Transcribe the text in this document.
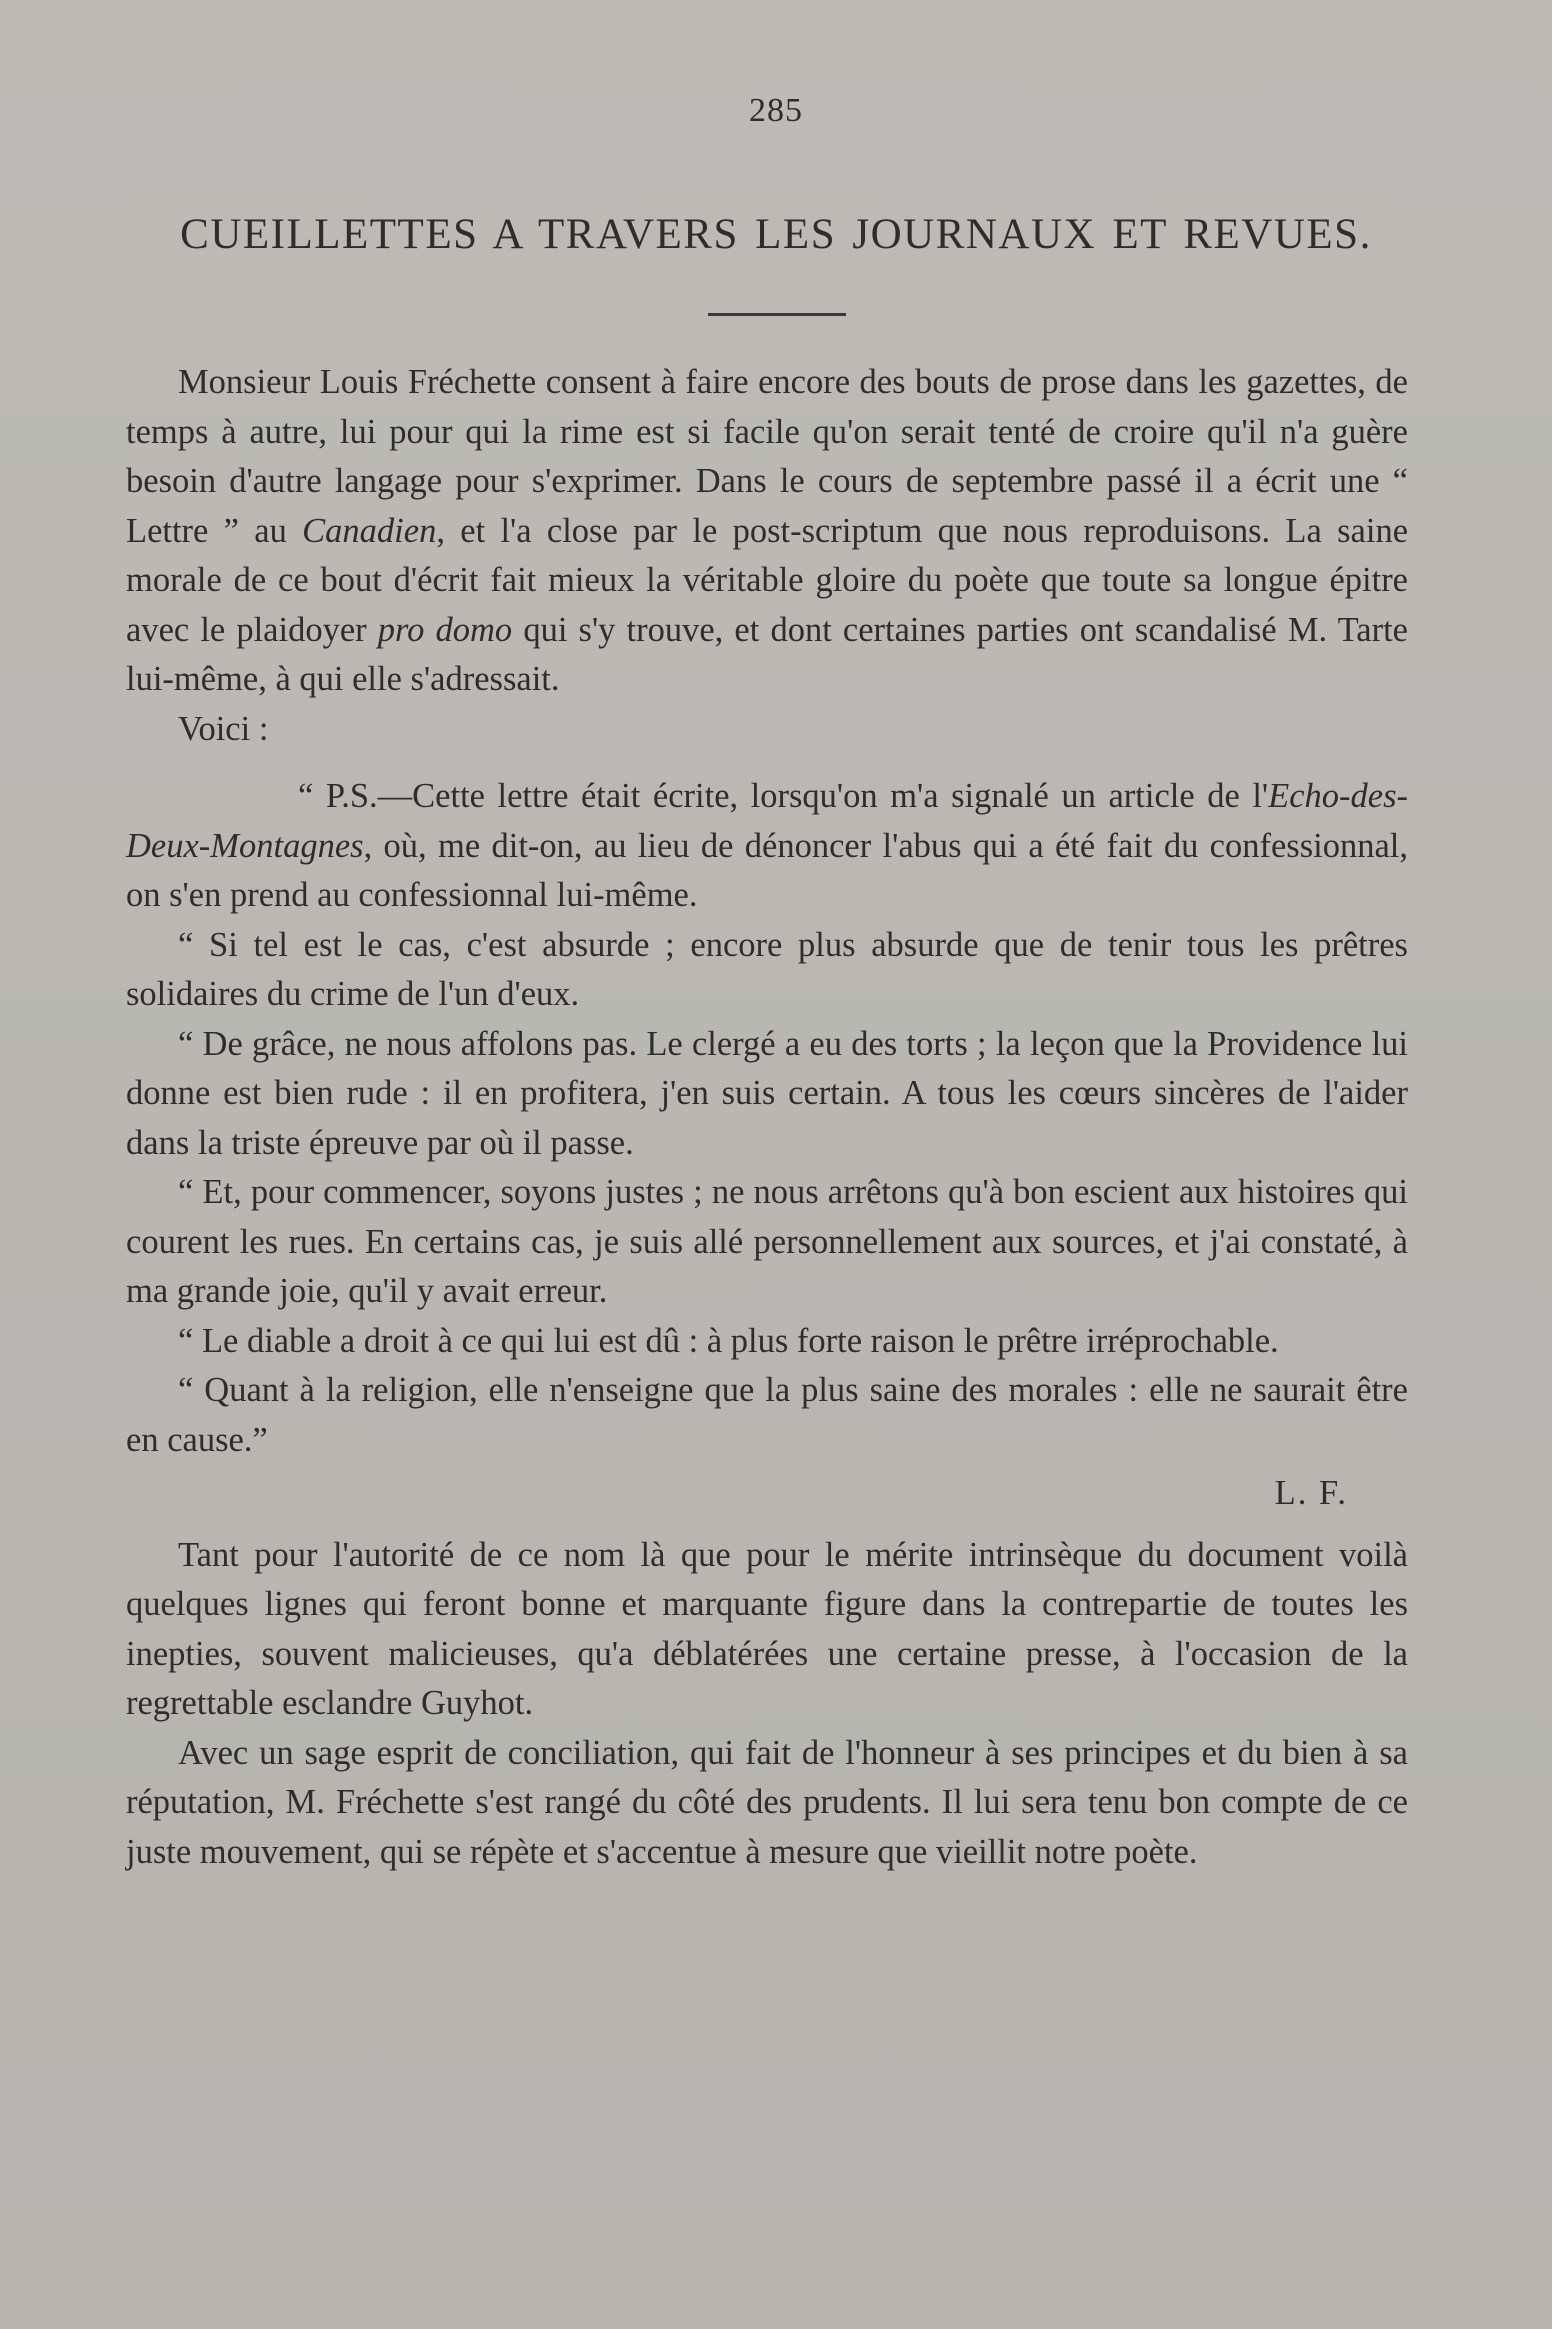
285
CUEILLETTES A TRAVERS LES JOURNAUX ET REVUES.

Monsieur Louis Fréchette consent à faire encore des bouts de prose dans les gazettes, de temps à autre, lui pour qui la rime est si facile qu'on serait tenté de croire qu'il n'a guère besoin d'autre langage pour s'exprimer. Dans le cours de septembre passé il a écrit une “ Lettre ” au Canadien, et l'a close par le post-scriptum que nous reproduisons. La saine morale de ce bout d'écrit fait mieux la véritable gloire du poète que toute sa longue épitre avec le plaidoyer pro domo qui s'y trouve, et dont certaines parties ont scandalisé M. Tarte lui-même, à qui elle s'adressait.

Voici :

“ P.S.—Cette lettre était écrite, lorsqu'on m'a signalé un article de l'Echo-des-Deux-Montagnes, où, me dit-on, au lieu de dénoncer l'abus qui a été fait du confessionnal, on s'en prend au confessionnal lui-même.

“ Si tel est le cas, c'est absurde ; encore plus absurde que de tenir tous les prêtres solidaires du crime de l'un d'eux.

“ De grâce, ne nous affolons pas. Le clergé a eu des torts ; la leçon que la Providence lui donne est bien rude : il en profitera, j'en suis certain. A tous les cœurs sincères de l'aider dans la triste épreuve par où il passe.

“ Et, pour commencer, soyons justes ; ne nous arrêtons qu'à bon escient aux histoires qui courent les rues. En certains cas, je suis allé personnellement aux sources, et j'ai constaté, à ma grande joie, qu'il y avait erreur.

“ Le diable a droit à ce qui lui est dû : à plus forte raison le prêtre irréprochable.

“ Quant à la religion, elle n'enseigne que la plus saine des morales : elle ne saurait être en cause.”

L. F.

Tant pour l'autorité de ce nom là que pour le mérite intrinsèque du document voilà quelques lignes qui feront bonne et marquante figure dans la contrepartie de toutes les inepties, souvent malicieuses, qu'a déblatérées une certaine presse, à l'occasion de la regrettable esclandre Guyhot.

Avec un sage esprit de conciliation, qui fait de l'honneur à ses principes et du bien à sa réputation, M. Fréchette s'est rangé du côté des prudents. Il lui sera tenu bon compte de ce juste mouvement, qui se répète et s'accentue à mesure que vieillit notre poète.
